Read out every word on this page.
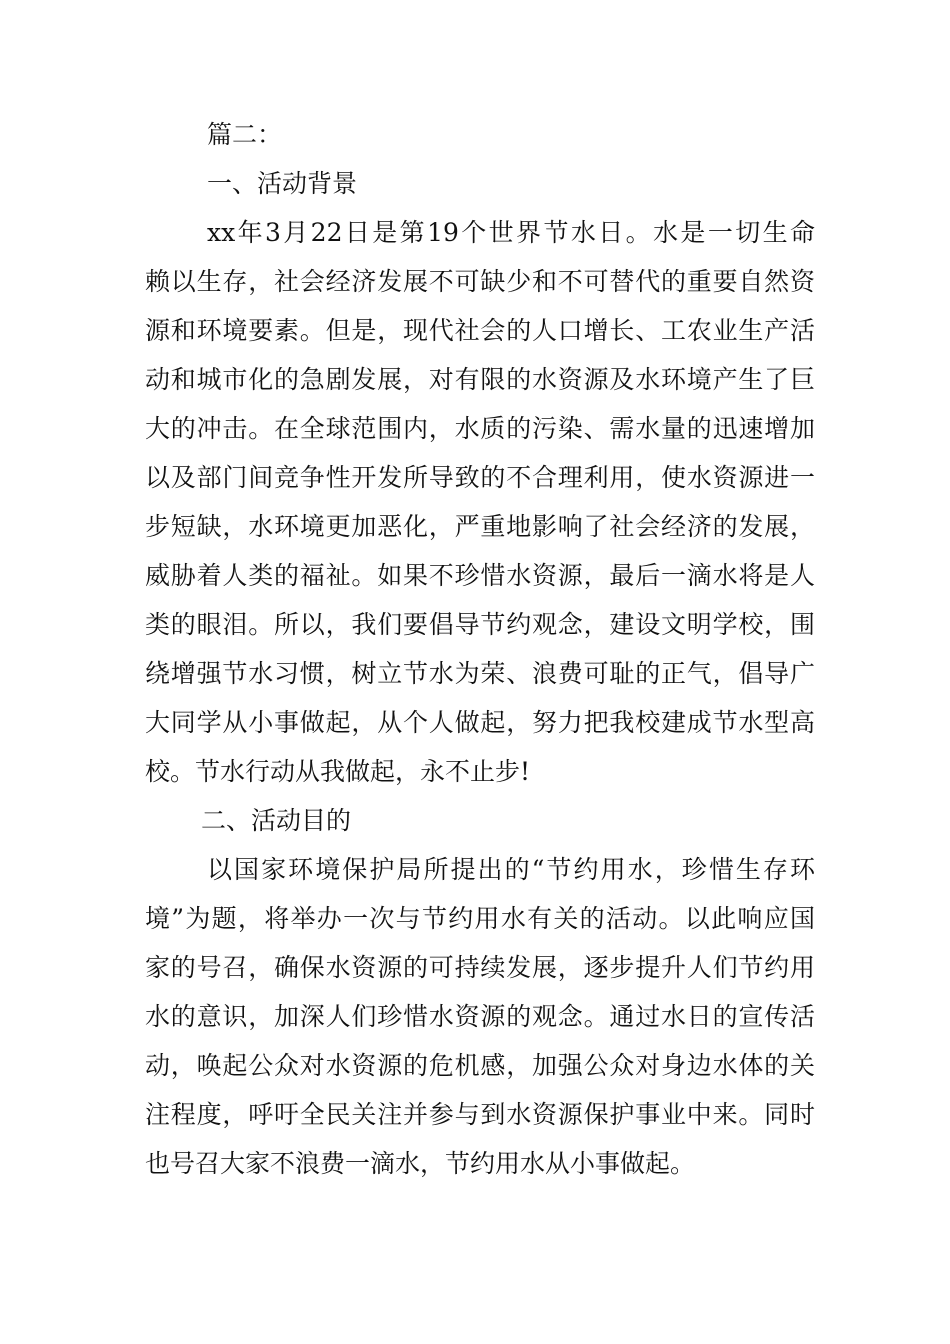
篇二：
一、活动背景
xx年3月22日是第19个世界节水日。水是一切生命
赖以生存，社会经济发展不可缺少和不可替代的重要自然资
源和环境要素。但是，现代社会的人口增长、工农业生产活
动和城市化的急剧发展，对有限的水资源及水环境产生了巨
大的冲击。在全球范围内，水质的污染、需水量的迅速增加
以及部门间竞争性开发所导致的不合理利用，使水资源进一
步短缺，水环境更加恶化，严重地影响了社会经济的发展，
威胁着人类的福祉。如果不珍惜水资源，最后一滴水将是人
类的眼泪。所以，我们要倡导节约观念，建设文明学校，围
绕增强节水习惯，树立节水为荣、浪费可耻的正气，倡导广
大同学从小事做起，从个人做起，努力把我校建成节水型高
校。节水行动从我做起，永不止步!
二、活动目的
以国家环境保护局所提出的“节约用水，珍惜生存环
境”为题，将举办一次与节约用水有关的活动。以此响应国
家的号召，确保水资源的可持续发展，逐步提升人们节约用
水的意识，加深人们珍惜水资源的观念。通过水日的宣传活
动，唤起公众对水资源的危机感，加强公众对身边水体的关
注程度，呼吁全民关注并参与到水资源保护事业中来。同时
也号召大家不浪费一滴水，节约用水从小事做起。
